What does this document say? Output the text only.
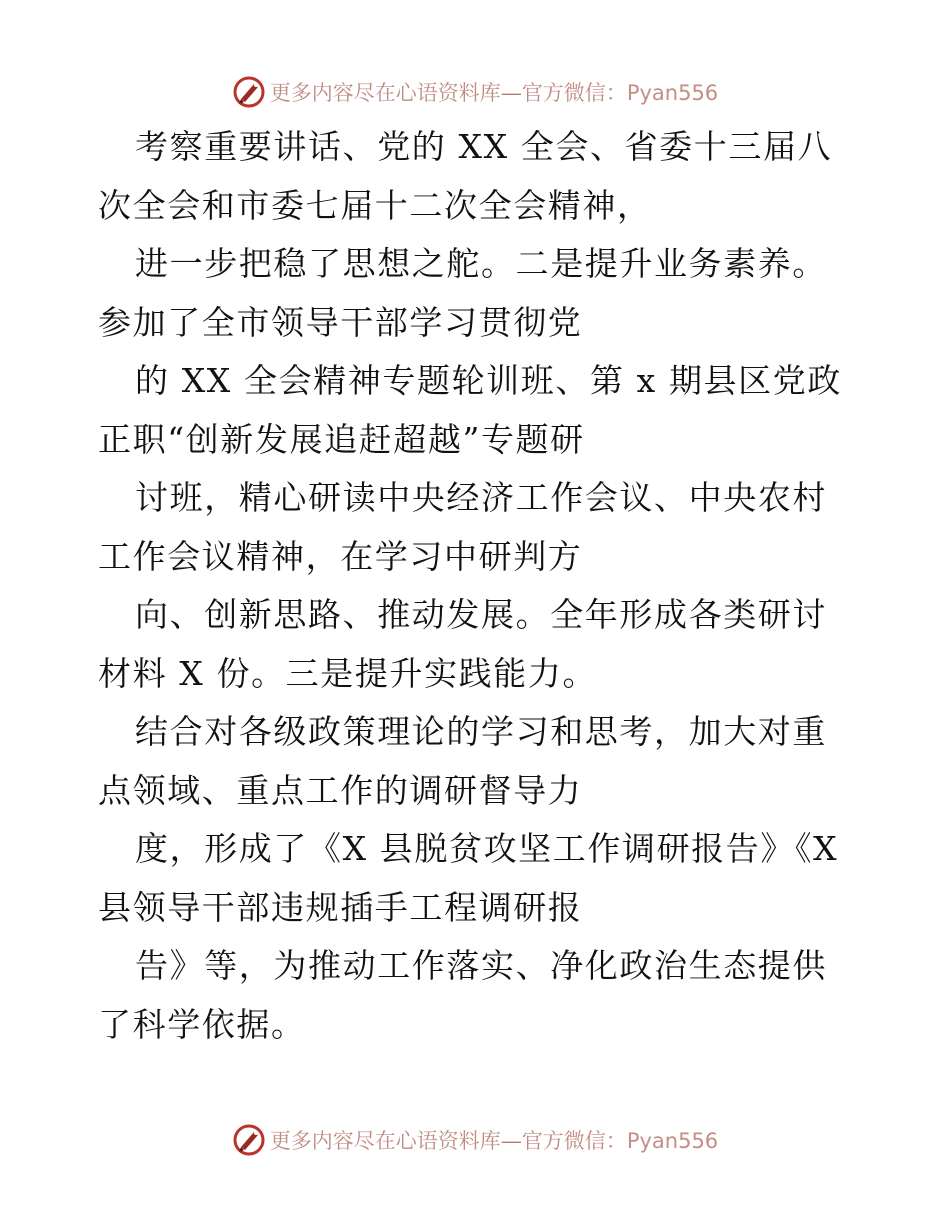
更多内容尽在心语资料库—官方微信：Pyan556

考察重要讲话、党的 XX 全会、省委十三届八次全会和市委七届十二次全会精神，

进一步把稳了思想之舵。二是提升业务素养。参加了全市领导干部学习贯彻党

的 XX 全会精神专题轮训班、第 x 期县区党政正职“创新发展追赶超越”专题研

讨班，精心研读中央经济工作会议、中央农村工作会议精神，在学习中研判方

向、创新思路、推动发展。全年形成各类研讨材料 X 份。三是提升实践能力。

结合对各级政策理论的学习和思考，加大对重点领域、重点工作的调研督导力

度，形成了《X 县脱贫攻坚工作调研报告》《X 县领导干部违规插手工程调研报

告》等，为推动工作落实、净化政治生态提供了科学依据。

更多内容尽在心语资料库—官方微信：Pyan556
